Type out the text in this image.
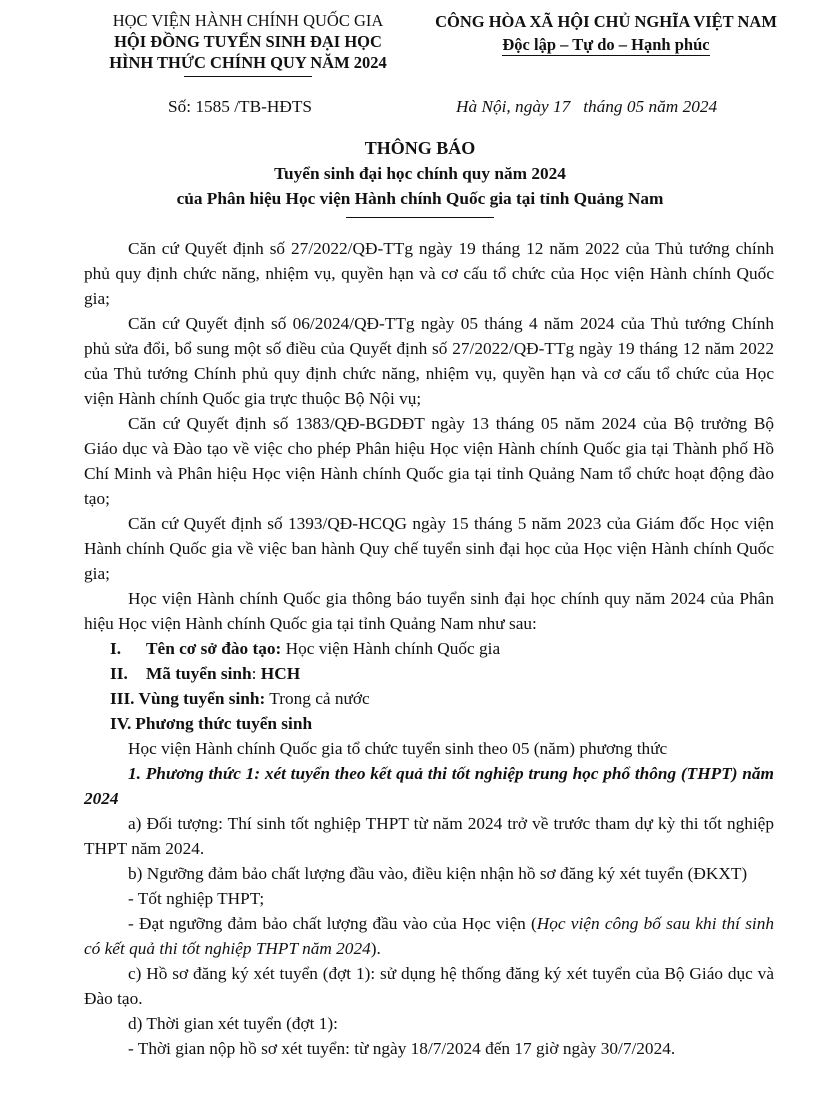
HỌC VIỆN HÀNH CHÍNH QUỐC GIA
HỘI ĐỒNG TUYỂN SINH ĐẠI HỌC
HÌNH THỨC CHÍNH QUY NĂM 2024
CÔNG HÒA XÃ HỘI CHỦ NGHĨA VIỆT NAM
Độc lập – Tự do – Hạnh phúc
Số: 1585 /TB-HĐTS	Hà Nội, ngày 17   tháng 05 năm 2024
THÔNG BÁO
Tuyển sinh đại học chính quy năm 2024
của Phân hiệu Học viện Hành chính Quốc gia tại tỉnh Quảng Nam

Căn cứ Quyết định số 27/2022/QĐ-TTg ngày 19 tháng 12 năm 2022 của Thủ tướng chính phủ quy định chức năng, nhiệm vụ, quyền hạn và cơ cấu tổ chức của Học viện Hành chính Quốc gia;

Căn cứ Quyết định số 06/2024/QĐ-TTg ngày 05 tháng 4 năm 2024 của Thủ tướng Chính phủ sửa đổi, bổ sung một số điều của Quyết định số 27/2022/QĐ-TTg ngày 19 tháng 12 năm 2022 của Thủ tướng Chính phủ quy định chức năng, nhiệm vụ, quyền hạn và cơ cấu tổ chức của Học viện Hành chính Quốc gia trực thuộc Bộ Nội vụ;

Căn cứ Quyết định số 1383/QĐ-BGDĐT ngày 13 tháng 05 năm 2024 của Bộ trưởng Bộ Giáo dục và Đào tạo về việc cho phép Phân hiệu Học viện Hành chính Quốc gia tại Thành phố Hồ Chí Minh và Phân hiệu Học viện Hành chính Quốc gia tại tỉnh Quảng Nam tổ chức hoạt động đào tạo;

Căn cứ Quyết định số 1393/QĐ-HCQG ngày 15 tháng 5 năm 2023 của Giám đốc Học viện Hành chính Quốc gia về việc ban hành Quy chế tuyển sinh đại học của Học viện Hành chính Quốc gia;

Học viện Hành chính Quốc gia thông báo tuyển sinh đại học chính quy năm 2024 của Phân hiệu Học viện Hành chính Quốc gia tại tỉnh Quảng Nam như sau:

I. Tên cơ sở đào tạo: Học viện Hành chính Quốc gia

II. Mã tuyển sinh: HCH

III. Vùng tuyển sinh: Trong cả nước

IV. Phương thức tuyển sinh

Học viện Hành chính Quốc gia tổ chức tuyển sinh theo 05 (năm) phương thức

1. Phương thức 1: xét tuyển theo kết quả thi tốt nghiệp trung học phổ thông (THPT) năm 2024

a) Đối tượng: Thí sinh tốt nghiệp THPT từ năm 2024 trở về trước tham dự kỳ thi tốt nghiệp THPT năm 2024.

b) Ngưỡng đảm bảo chất lượng đầu vào, điều kiện nhận hồ sơ đăng ký xét tuyển (ĐKXT)

- Tốt nghiệp THPT;

- Đạt ngưỡng đảm bảo chất lượng đầu vào của Học viện (Học viện công bố sau khi thí sinh có kết quả thi tốt nghiệp THPT năm 2024).

c) Hồ sơ đăng ký xét tuyển (đợt 1): sử dụng hệ thống đăng ký xét tuyển của Bộ Giáo dục và Đào tạo.

d) Thời gian xét tuyển (đợt 1):

- Thời gian nộp hồ sơ xét tuyển: từ ngày 18/7/2024 đến 17 giờ ngày 30/7/2024.
